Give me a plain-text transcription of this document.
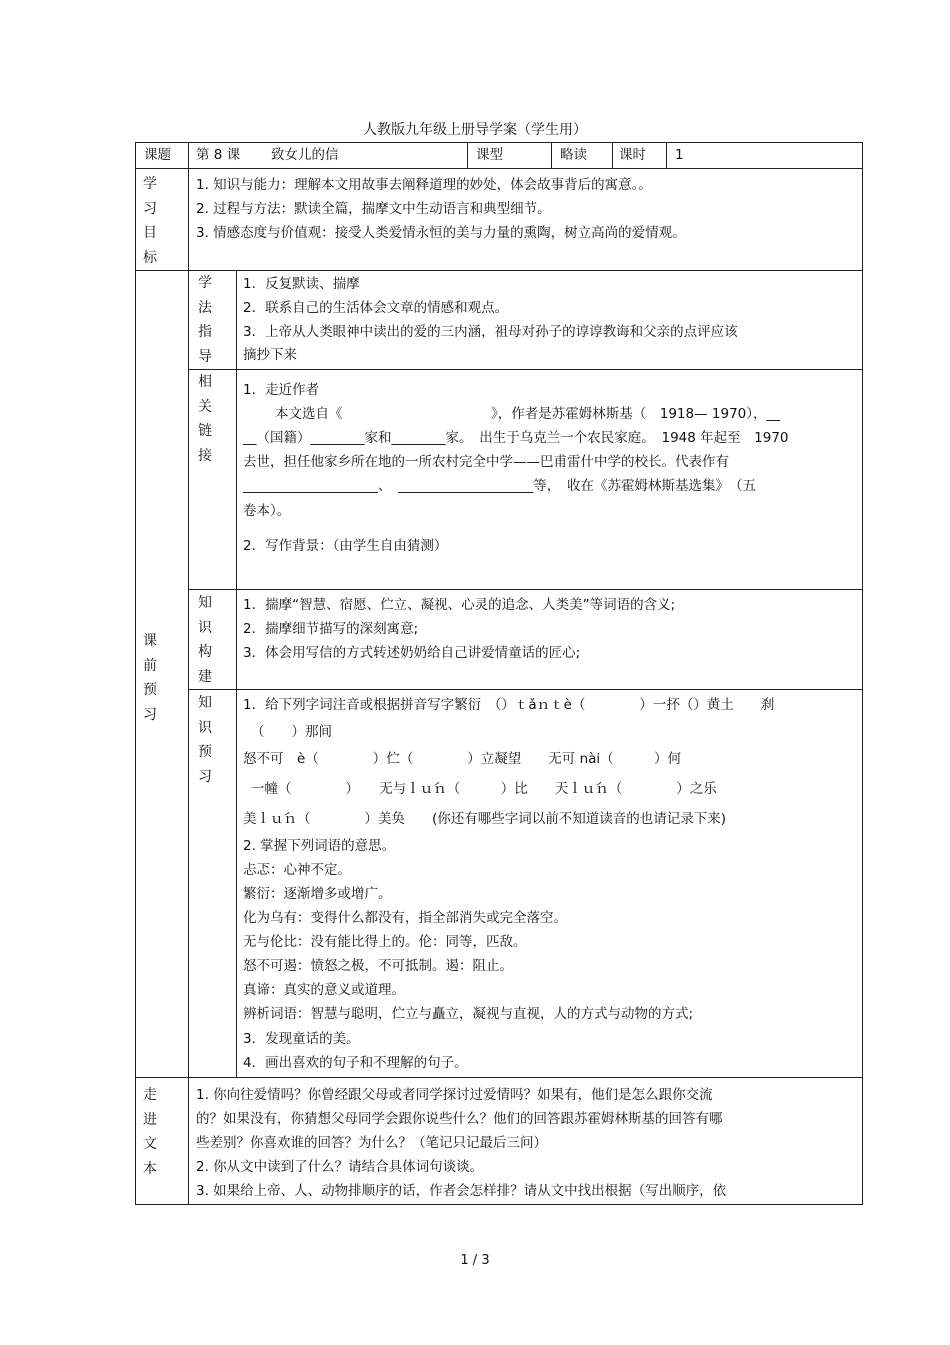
人教版九年级上册导学案（学生用）
课题 第 8 课 致女儿的信	课型	略读 课时 1
学习目标
1. 知识与能力：理解本文用故事去阐释道理的妙处，体会故事背后的寓意。。
2. 过程与方法：默读全篇，揣摩文中生动语言和典型细节。
3. 情感态度与价值观：接受人类爱情永恒的美与力量的熏陶，树立高尚的爱情观。
课前预习
学法指导
1．反复默读、揣摩
2．联系自己的生活体会文章的情感和观点。
3．上帝从人类眼神中读出的爱的三内涵，祖母对孙子的谆谆教诲和父亲的点评应该
摘抄下来
相关链接
1．走近作者
本文选自《　　　　　　　　　　　》，作者是苏霍姆林斯基（　1918— 1970），__
__（国籍）________家和________家。　出生于乌克兰一个农民家庭。　1948 年起至　1970
去世，担任他家乡所在地的一所农村完全中学——巴甫雷什中学的校长。代表作有
____________________、　____________________等，　收在《苏霍姆林斯基选集》　（五
卷本）。
2．写作背景：（由学生自由猜测）
知识构建
1．揣摩“智慧、宿愿、伫立、凝视、心灵的追念、人类美”等词语的含义;
2．揣摩细节描写的深刻寓意;
3．体会用写信的方式转述奶奶给自己讲爱情童话的匠心;
知识预习
1．给下列字词注音或根据拼音写字繁衍　（）ｔǎｎｔè（　　　　）一抔（）黄土　　刹
（　　）那间
怒不可　è（　　　　）伫（　　　　）立凝望　　无可 nài（　　　）何
一幢（　　　　）　　无与ｌｕ́ｎ（　　　）比　　天ｌｕ́ｎ（　　　　）之乐
美ｌｕ́ｎ（　　　　）美奂　　(你还有哪些字词以前不知道读音的也请记录下来)
2. 掌握下列词语的意思。
忐忑：心神不定。
繁衍：逐渐增多或增广。
化为乌有：变得什么都没有，指全部消失或完全落空。
无与伦比：没有能比得上的。伦：同等，匹敌。
怒不可遏：愤怒之极，不可抵制。遏：阻止。
真谛：真实的意义或道理。
辨析词语：智慧与聪明，伫立与矗立，凝视与直视，人的方式与动物的方式;
3．发现童话的美。
4．画出喜欢的句子和不理解的句子。
走进文本
1. 你向往爱情吗？你曾经跟父母或者同学探讨过爱情吗？如果有，他们是怎么跟你交流
的？如果没有，你猜想父母同学会跟你说些什么？他们的回答跟苏霍姆林斯基的回答有哪
些差别？你喜欢谁的回答？为什么？（笔记只记最后三问）
2. 你从文中读到了什么？请结合具体词句谈谈。
3. 如果给上帝、人、动物排顺序的话，作者会怎样排？请从文中找出根据（写出顺序，依
1 / 3
